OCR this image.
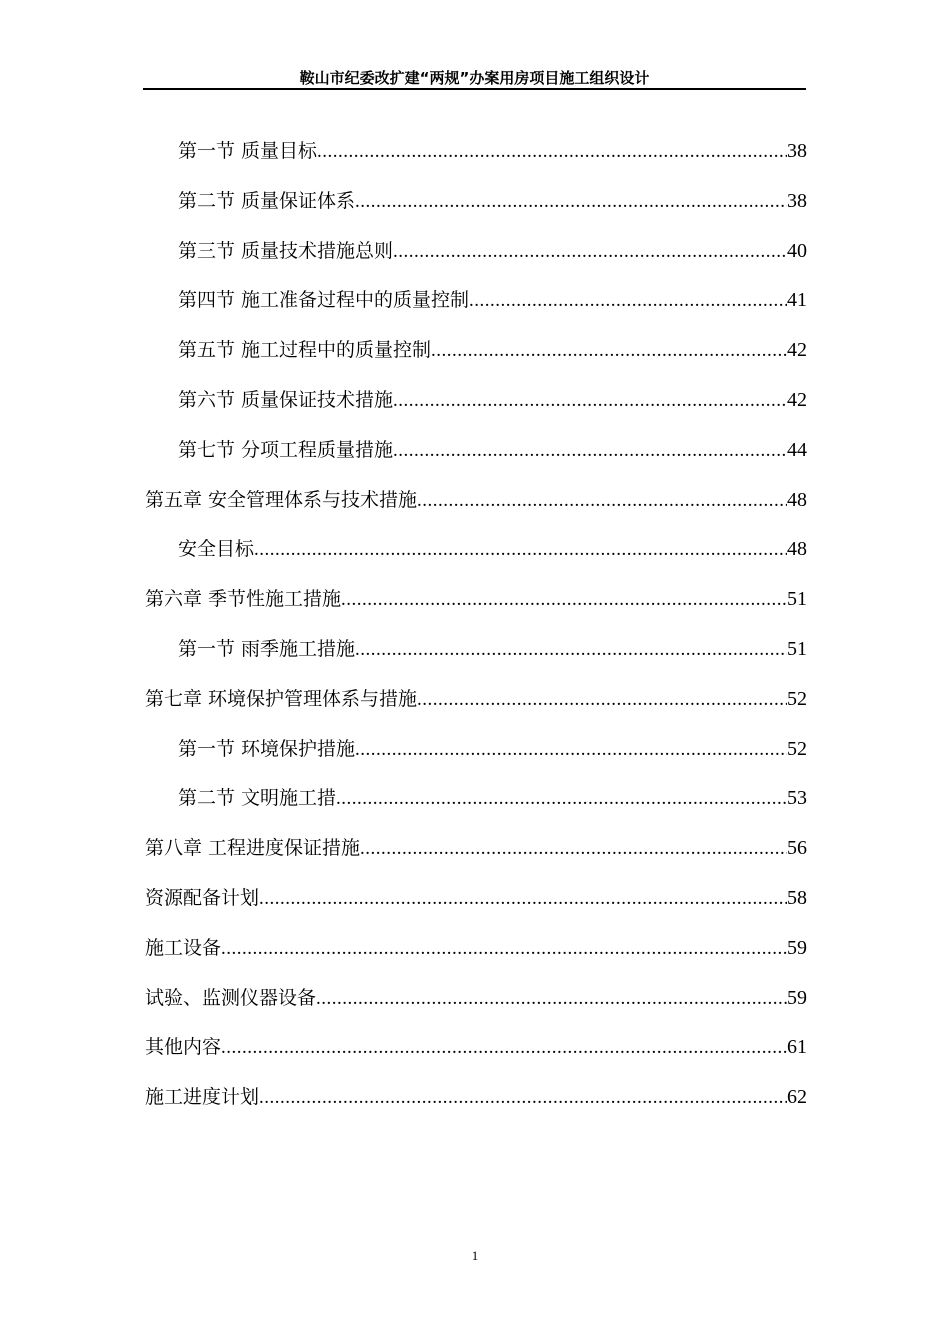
鞍山市纪委改扩建“两规”办案用房项目施工组织设计
第一节 质量目标 .....	38
第二节 质量保证体系 .....	38
第三节 质量技术措施总则 .....	40
第四节 施工准备过程中的质量控制 .....	41
第五节 施工过程中的质量控制 .....	42
第六节 质量保证技术措施 .....	42
第七节 分项工程质量措施 .....	44
第五章 安全管理体系与技术措施 .....	48
安全目标 .....	48
第六章 季节性施工措施 .....	51
第一节 雨季施工措施 .....	51
第七章 环境保护管理体系与措施 .....	52
第一节 环境保护措施 .....	52
第二节 文明施工措 .....	53
第八章 工程进度保证措施 .....	56
资源配备计划 .....	58
施工设备 .....	59
试验、监测仪器设备 .....	59
其他内容 .....	61
施工进度计划 .....	62
1
